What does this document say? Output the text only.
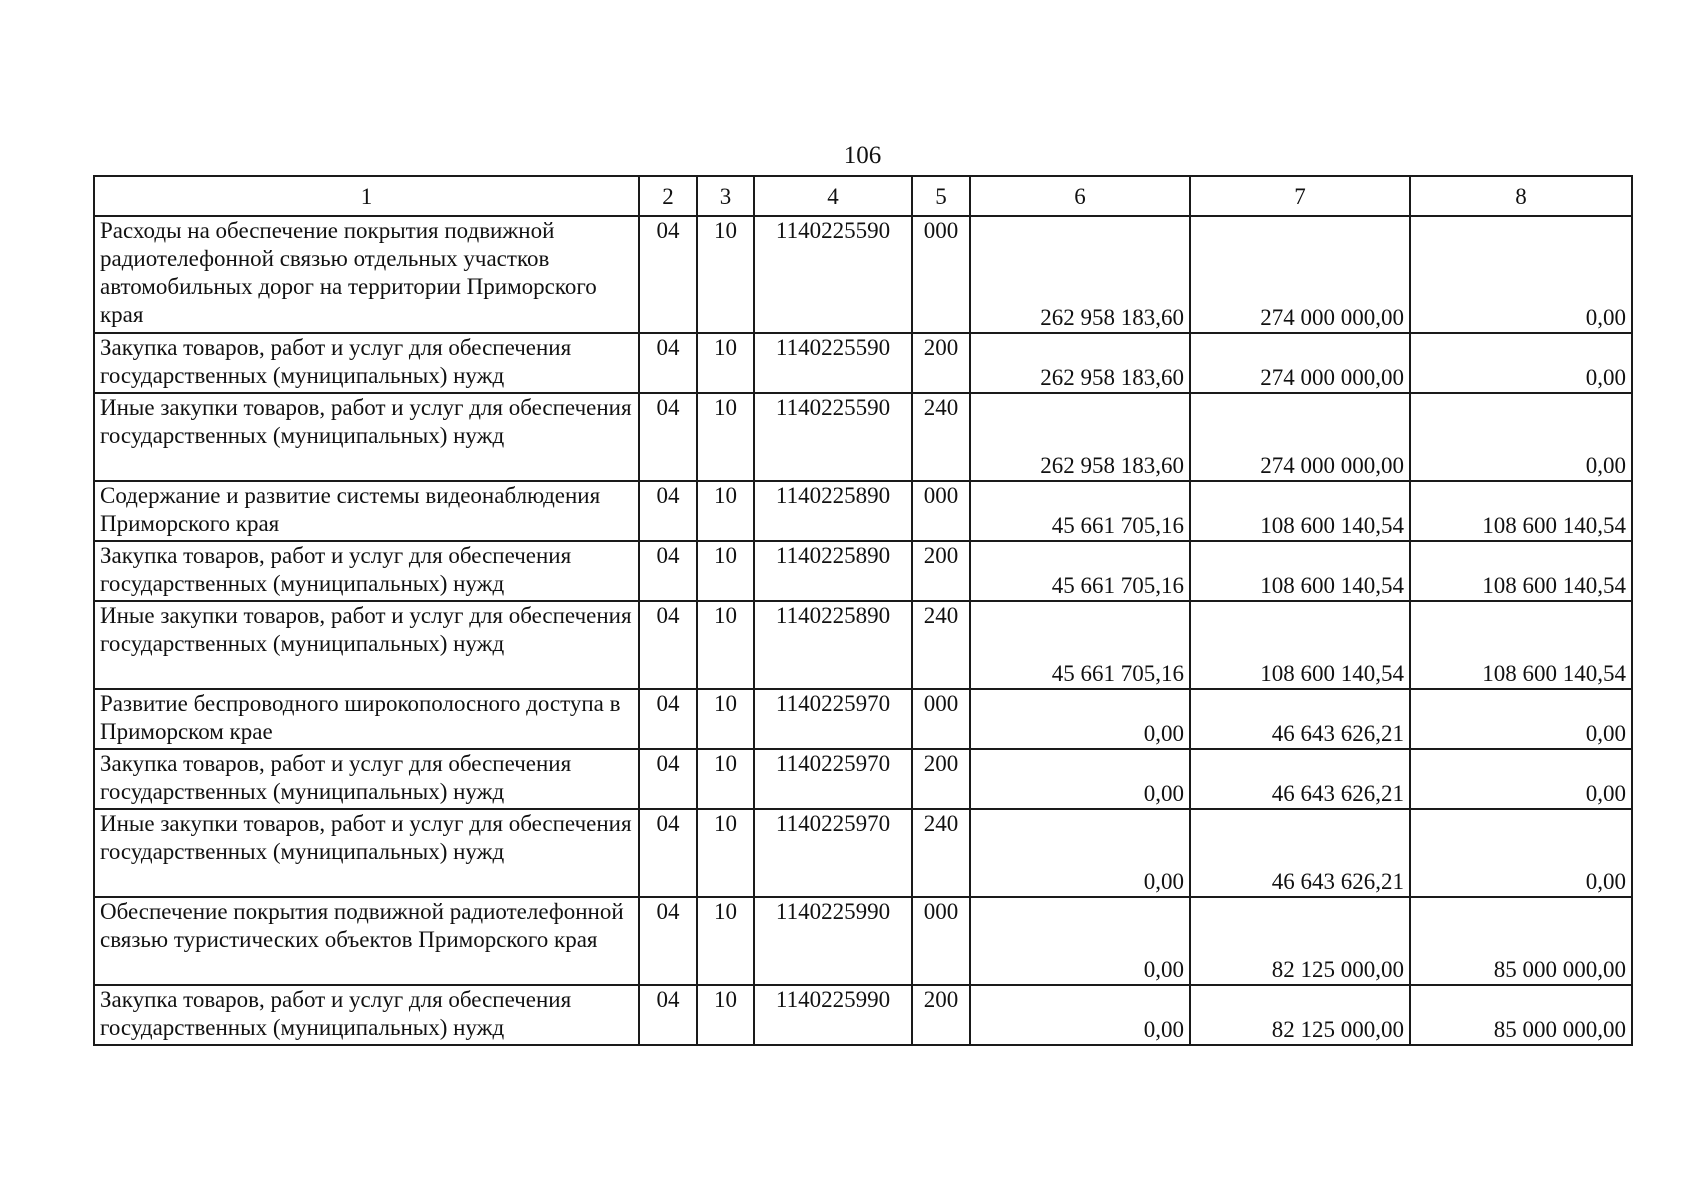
106
1	2	3	4	5	6	7	8
Расходы на обеспечение покрытия подвижной радиотелефонной связью отдельных участков автомобильных дорог на территории Приморского края	04	10	1140225590	000	262 958 183,60	274 000 000,00	0,00
Закупка товаров, работ и услуг для обеспечения государственных (муниципальных) нужд	04	10	1140225590	200	262 958 183,60	274 000 000,00	0,00
Иные закупки товаров, работ и услуг для обеспечения государственных (муниципальных) нужд	04	10	1140225590	240	262 958 183,60	274 000 000,00	0,00
Содержание и развитие системы видеонаблюдения Приморского края	04	10	1140225890	000	45 661 705,16	108 600 140,54	108 600 140,54
Закупка товаров, работ и услуг для обеспечения государственных (муниципальных) нужд	04	10	1140225890	200	45 661 705,16	108 600 140,54	108 600 140,54
Иные закупки товаров, работ и услуг для обеспечения государственных (муниципальных) нужд	04	10	1140225890	240	45 661 705,16	108 600 140,54	108 600 140,54
Развитие беспроводного широкополосного доступа в Приморском крае	04	10	1140225970	000	0,00	46 643 626,21	0,00
Закупка товаров, работ и услуг для обеспечения государственных (муниципальных) нужд	04	10	1140225970	200	0,00	46 643 626,21	0,00
Иные закупки товаров, работ и услуг для обеспечения государственных (муниципальных) нужд	04	10	1140225970	240	0,00	46 643 626,21	0,00
Обеспечение покрытия подвижной радиотелефонной связью туристических объектов Приморского края	04	10	1140225990	000	0,00	82 125 000,00	85 000 000,00
Закупка товаров, работ и услуг для обеспечения государственных (муниципальных) нужд	04	10	1140225990	200	0,00	82 125 000,00	85 000 000,00
